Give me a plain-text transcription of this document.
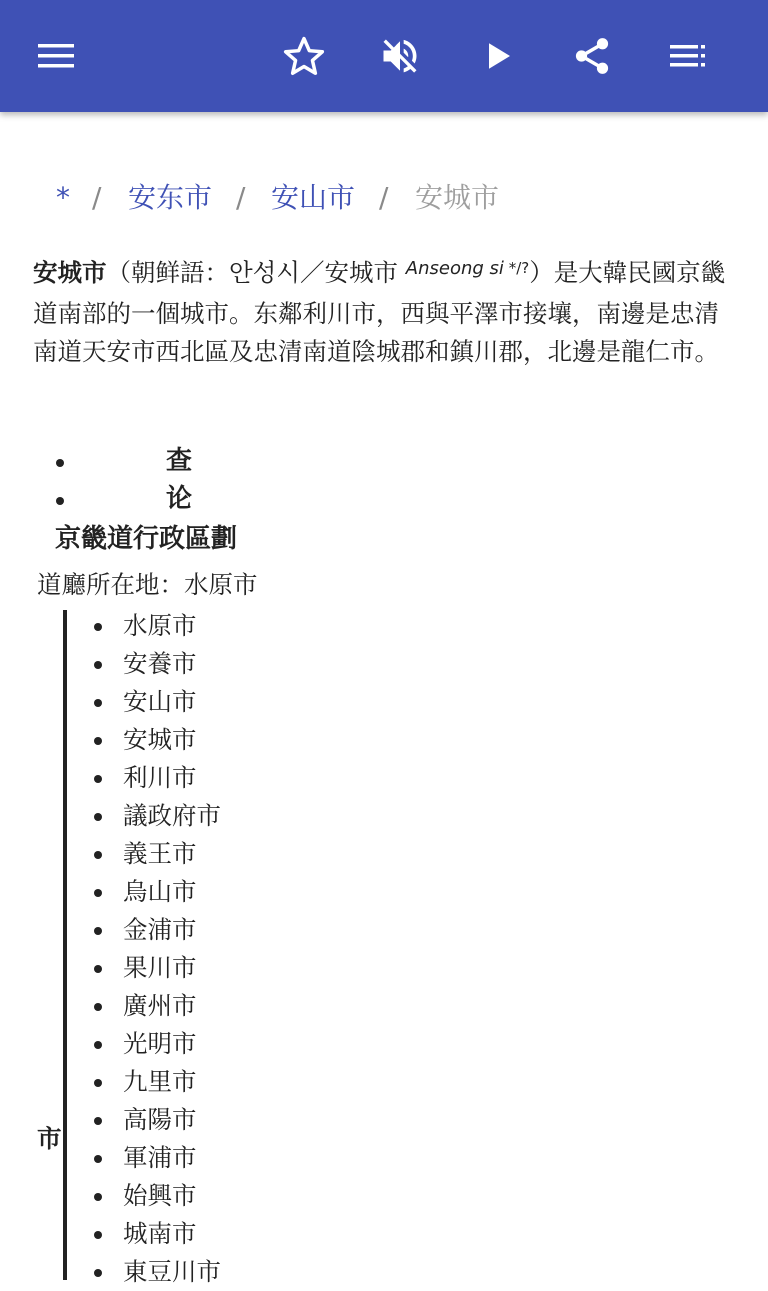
* / 安东市 / 安山市 / 安城市
安城市（朝鲜語：안성시／安城市 $^{Anseong si}$ */?）是大韓民國京畿道南部的一個城市。东鄰利川市，西與平澤市接壤，南邊是忠清南道天安市西北區及忠清南道陰城郡和鎮川郡，北邊是龍仁市。
查
论
京畿道行政區劃
道廳所在地：水原市
市
水原市
安養市
安山市
安城市
利川市
議政府市
義王市
烏山市
金浦市
果川市
廣州市
光明市
九里市
高陽市
軍浦市
始興市
城南市
東豆川市
